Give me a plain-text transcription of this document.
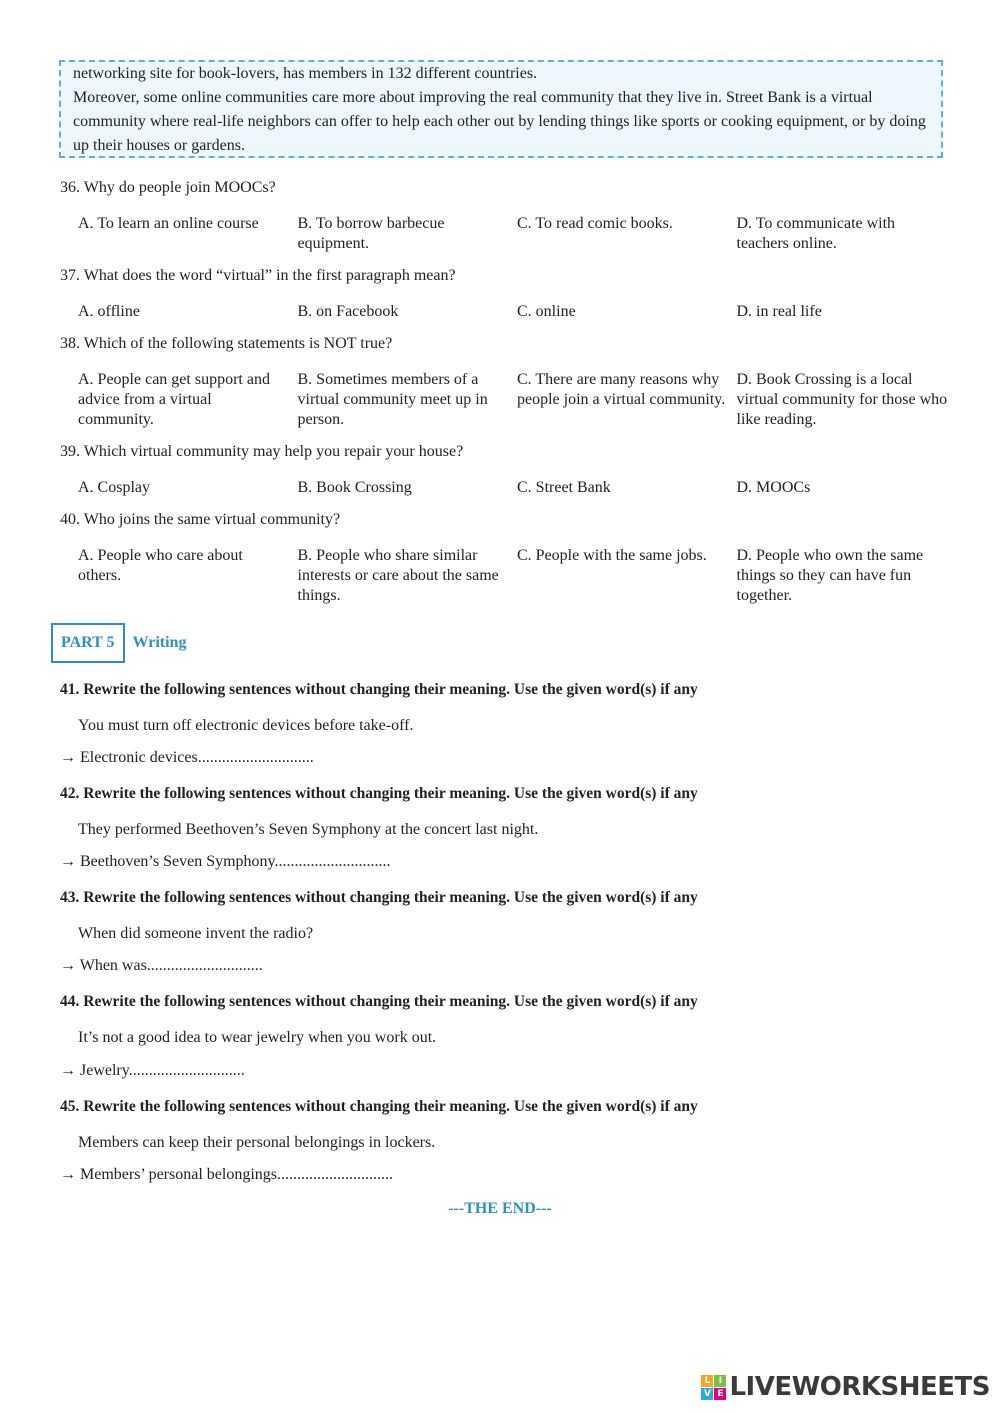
networking site for book-lovers, has members in 132 different countries.

Moreover, some online communities care more about improving the real community that they live in. Street Bank is a virtual community where real-life neighbors can offer to help each other out by lending things like sports or cooking equipment, or by doing up their houses or gardens.

36. Why do people join MOOCs?

A. To learn an online course	B. To borrow barbecue equipment.
C. To read comic books.	D. To communicate with teachers online.

37. What does the word “virtual” in the first paragraph mean?

A. offline	B. on Facebook	C. online	D. in real life

38. Which of the following statements is NOT true?

A. People can get support and advice from a virtual community.
B. Sometimes members of a virtual community meet up in person.
C. There are many reasons why people join a virtual community.
D. Book Crossing is a local virtual community for those who like reading.

39. Which virtual community may help you repair your house?

A. Cosplay	B. Book Crossing	C. Street Bank	D. MOOCs

40. Who joins the same virtual community?

A. People who care about others.
B. People who share similar interests or care about the same things.
C. People with the same jobs.	D. People who own the same things so they can have fun together.
PART 5	Writing
41. Rewrite the following sentences without changing their meaning. Use the given word(s) if any
You must turn off electronic devices before take-off.
→ Electronic devices.............................
42. Rewrite the following sentences without changing their meaning. Use the given word(s) if any
They performed Beethoven’s Seven Symphony at the concert last night.
→ Beethoven’s Seven Symphony.............................
43. Rewrite the following sentences without changing their meaning. Use the given word(s) if any
When did someone invent the radio?
→ When was.............................
44. Rewrite the following sentences without changing their meaning. Use the given word(s) if any
It’s not a good idea to wear jewelry when you work out.
→ Jewelry.............................
45. Rewrite the following sentences without changing their meaning. Use the given word(s) if any
Members can keep their personal belongings in lockers.
→ Members’ personal belongings.............................
---THE END---
L I
V E LIVEWORKSHEETS
